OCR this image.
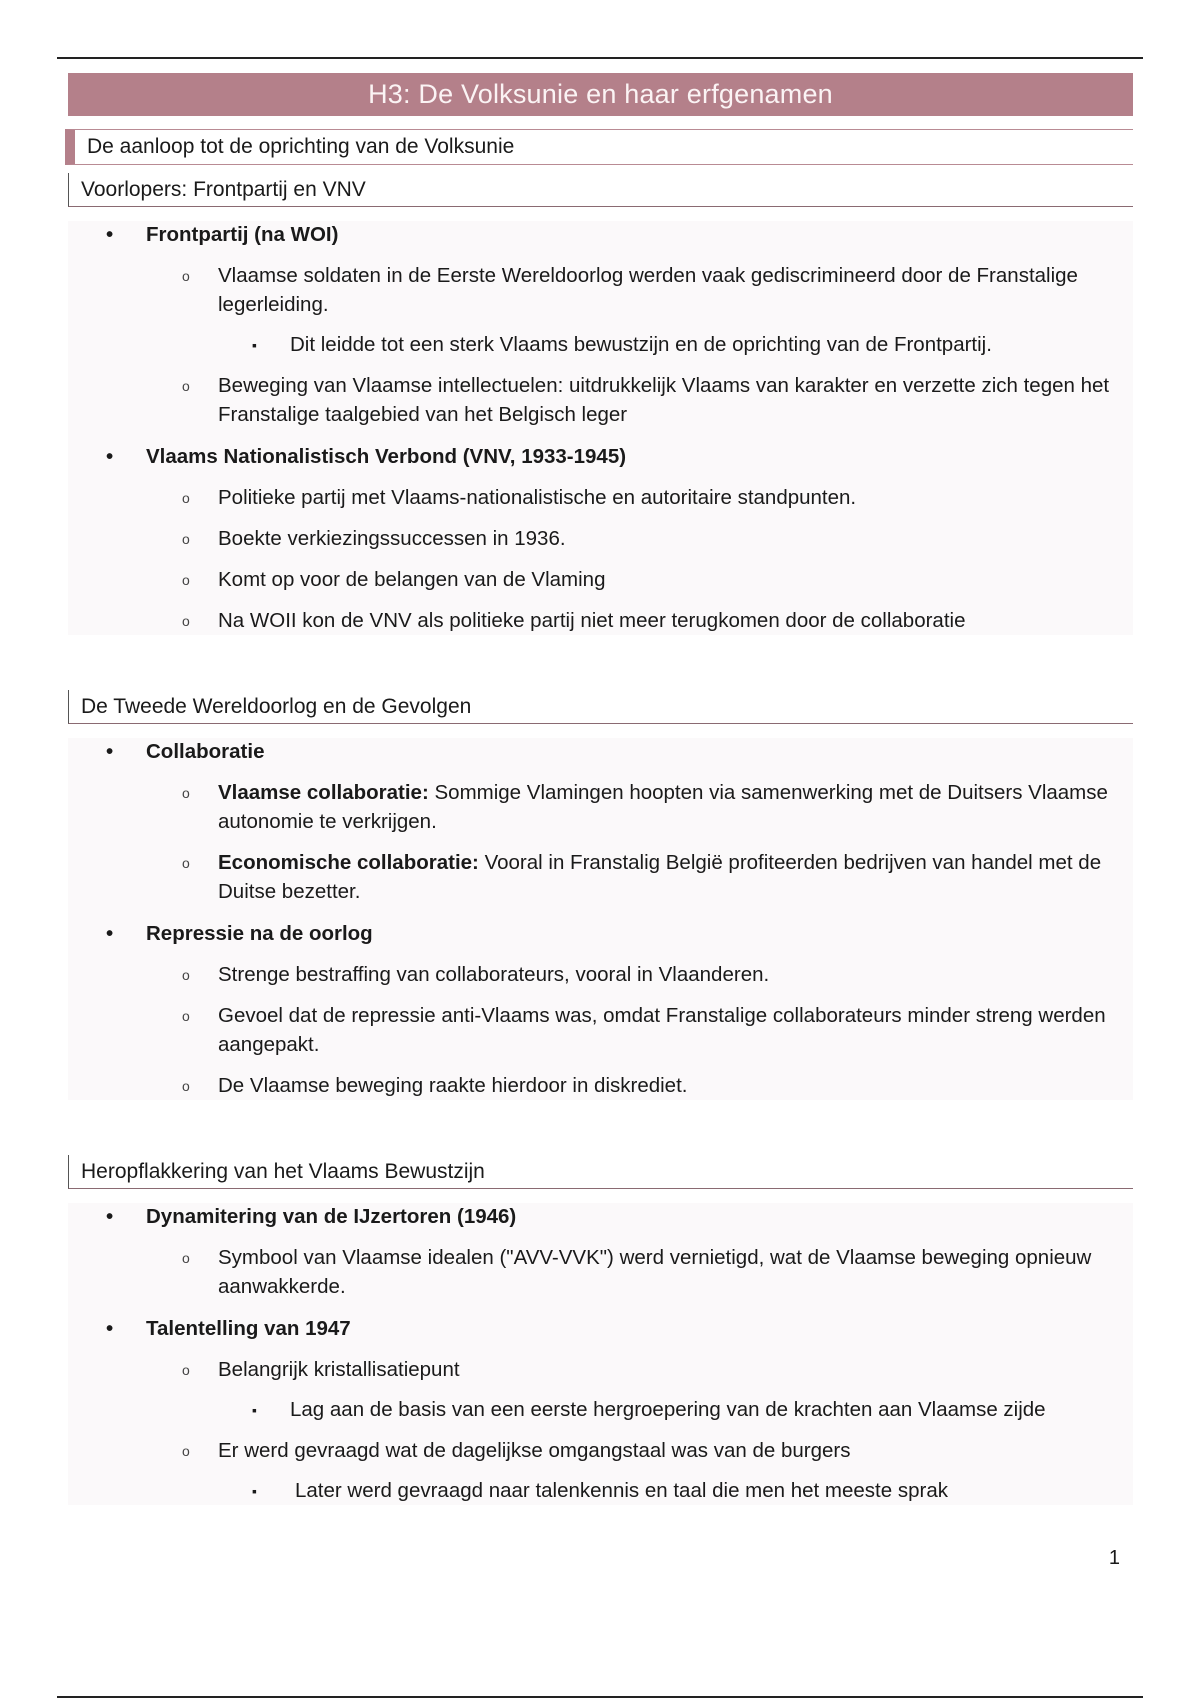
H3: De Volksunie en haar erfgenamen
De aanloop tot de oprichting van de Volksunie
Voorlopers: Frontpartij en VNV
• Frontpartij (na WOI)
o Vlaamse soldaten in de Eerste Wereldoorlog werden vaak gediscrimineerd door de Franstalige legerleiding.
▪ Dit leidde tot een sterk Vlaams bewustzijn en de oprichting van de Frontpartij.
o Beweging van Vlaamse intellectuelen: uitdrukkelijk Vlaams van karakter en verzette zich tegen het Franstalige taalgebied van het Belgisch leger
• Vlaams Nationalistisch Verbond (VNV, 1933-1945)
o Politieke partij met Vlaams-nationalistische en autoritaire standpunten.
o Boekte verkiezingssuccessen in 1936.
o Komt op voor de belangen van de Vlaming
o Na WOII kon de VNV als politieke partij niet meer terugkomen door de collaboratie
De Tweede Wereldoorlog en de Gevolgen
• Collaboratie
o Vlaamse collaboratie: Sommige Vlamingen hoopten via samenwerking met de Duitsers Vlaamse autonomie te verkrijgen.
o Economische collaboratie: Vooral in Franstalig België profiteerden bedrijven van handel met de Duitse bezetter.
• Repressie na de oorlog
o Strenge bestraffing van collaborateurs, vooral in Vlaanderen.
o Gevoel dat de repressie anti-Vlaams was, omdat Franstalige collaborateurs minder streng werden aangepakt.
o De Vlaamse beweging raakte hierdoor in diskrediet.
Heropflakkering van het Vlaams Bewustzijn
• Dynamitering van de IJzertoren (1946)
o Symbool van Vlaamse idealen ("AVV-VVK") werd vernietigd, wat de Vlaamse beweging opnieuw aanwakkerde.
• Talentelling van 1947
o Belangrijk kristallisatiepunt
▪ Lag aan de basis van een eerste hergroepering van de krachten aan Vlaamse zijde
o Er werd gevraagd wat de dagelijkse omgangstaal was van de burgers
▪ Later werd gevraagd naar talenkennis en taal die men het meeste sprak
1
